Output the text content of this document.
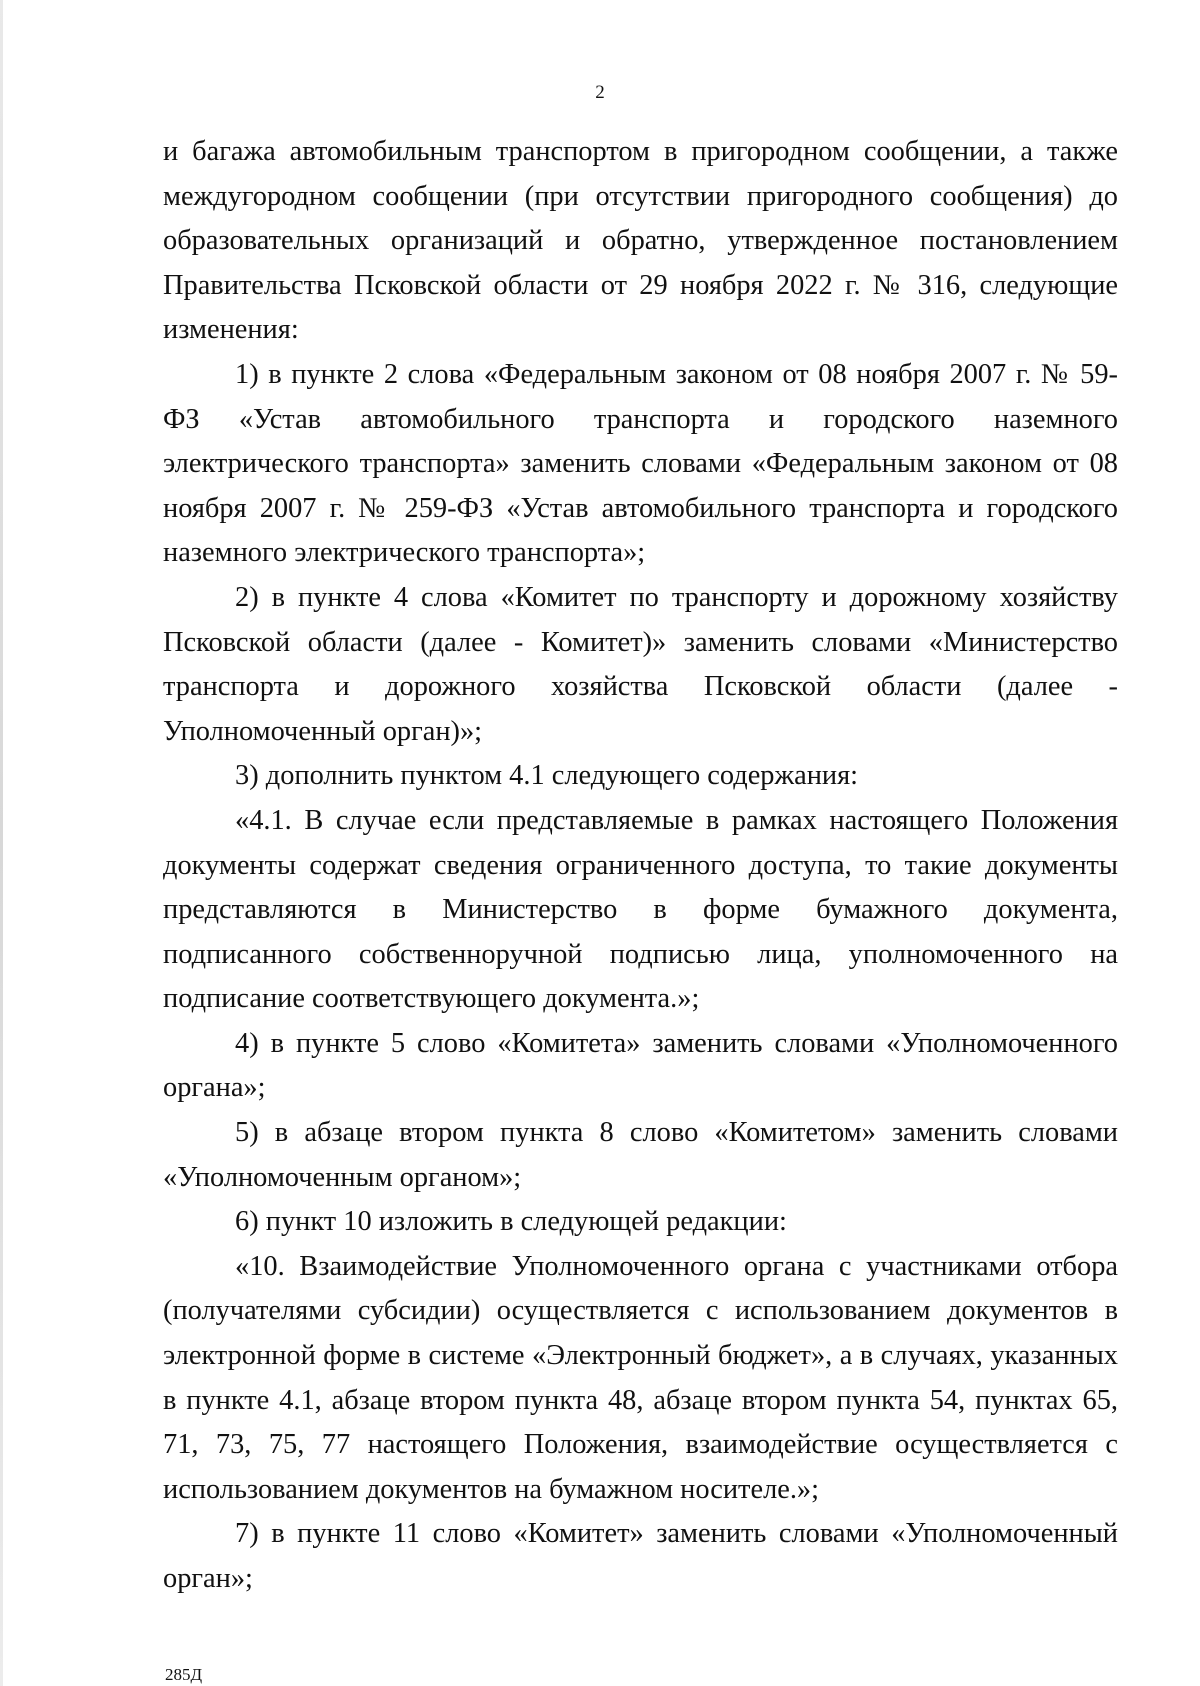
2

и багажа автомобильным транспортом в пригородном сообщении, а также междугородном сообщении (при отсутствии пригородного сообщения) до образовательных организаций и обратно, утвержденное постановлением Правительства Псковской области от 29 ноября 2022 г. № 316, следующие изменения:

1) в пункте 2 слова «Федеральным законом от 08 ноября 2007 г. № 59-ФЗ «Устав автомобильного транспорта и городского наземного электрического транспорта» заменить словами «Федеральным законом от 08 ноября 2007 г. № 259-ФЗ «Устав автомобильного транспорта и городского наземного электрического транспорта»;

2) в пункте 4 слова «Комитет по транспорту и дорожному хозяйству Псковской области (далее - Комитет)» заменить словами «Министерство транспорта и дорожного хозяйства Псковской области (далее - Уполномоченный орган)»;

3) дополнить пунктом 4.1 следующего содержания:

«4.1. В случае если представляемые в рамках настоящего Положения документы содержат сведения ограниченного доступа, то такие документы представляются в Министерство в форме бумажного документа, подписанного собственноручной подписью лица, уполномоченного на подписание соответствующего документа.»;

4) в пункте 5 слово «Комитета» заменить словами «Уполномоченного органа»;

5) в абзаце втором пункта 8 слово «Комитетом» заменить словами «Уполномоченным органом»;

6) пункт 10 изложить в следующей редакции:

«10. Взаимодействие Уполномоченного органа с участниками отбора (получателями субсидии) осуществляется с использованием документов в электронной форме в системе «Электронный бюджет», а в случаях, указанных в пункте 4.1, абзаце втором пункта 48, абзаце втором пункта 54, пунктах 65, 71, 73, 75, 77 настоящего Положения, взаимодействие осуществляется с использованием документов на бумажном носителе.»;

7) в пункте 11 слово «Комитет» заменить словами «Уполномоченный орган»;

285Д
